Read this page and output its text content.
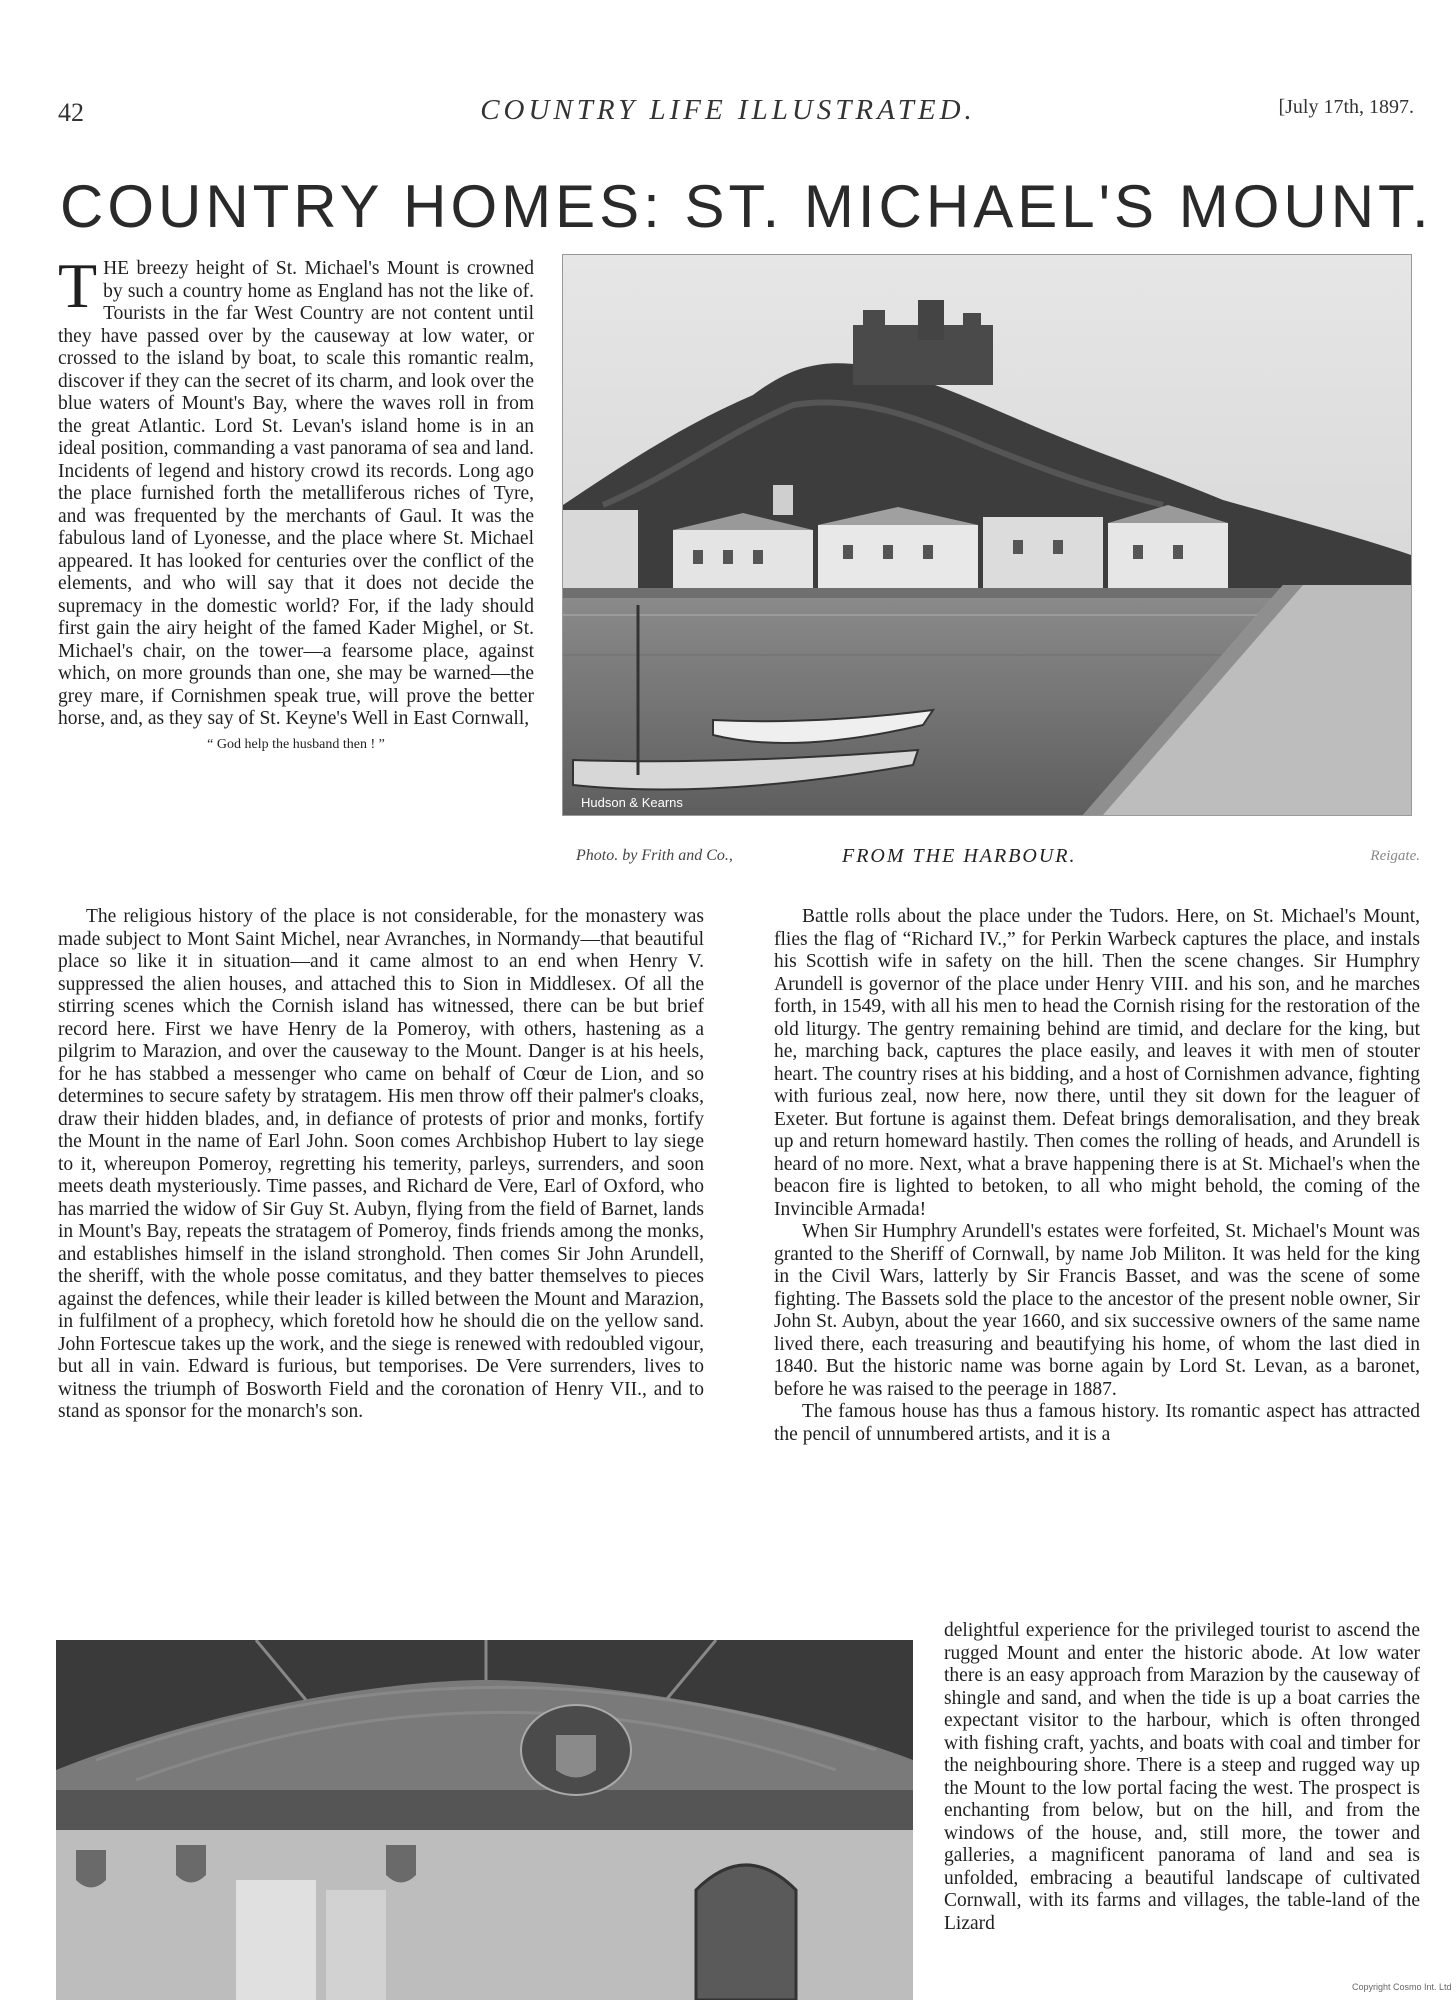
42	COUNTRY LIFE ILLUSTRATED.	[July 17th, 1897.
COUNTRY HOMES: ST. MICHAEL'S MOUNT.

THE breezy height of St. Michael's Mount is crowned by such a country home as England has not the like of. Tourists in the far West Country are not content until they have passed over by the causeway at low water, or crossed to the island by boat, to scale this romantic realm, discover if they can the secret of its charm, and look over the blue waters of Mount's Bay, where the waves roll in from the great Atlantic. Lord St. Levan's island home is in an ideal position, commanding a vast panorama of sea and land. Incidents of legend and history crowd its records. Long ago the place furnished forth the metalliferous riches of Tyre, and was frequented by the merchants of Gaul. It was the fabulous land of Lyonesse, and the place where St. Michael appeared. It has looked for centuries over the conflict of the elements, and who will say that it does not decide the supremacy in the domestic world? For, if the lady should first gain the airy height of the famed Kader Mighel, or St. Michael's chair, on the tower—a fearsome place, against which, on more grounds than one, she may be warned—the grey mare, if Cornishmen speak true, will prove the better horse, and, as they say of St. Keyne's Well in East Cornwall,

“ God help the husband then ! ”
Hudson & Kearns
Photo. by Frith and Co.,	FROM THE HARBOUR.	Reigate.

The religious history of the place is not considerable, for the monastery was made subject to Mont Saint Michel, near Avranches, in Normandy—that beautiful place so like it in situation—and it came almost to an end when Henry V. suppressed the alien houses, and attached this to Sion in Middlesex. Of all the stirring scenes which the Cornish island has witnessed, there can be but brief record here. First we have Henry de la Pomeroy, with others, hastening as a pilgrim to Marazion, and over the causeway to the Mount. Danger is at his heels, for he has stabbed a messenger who came on behalf of Cœur de Lion, and so determines to secure safety by stratagem. His men throw off their palmer's cloaks, draw their hidden blades, and, in defiance of protests of prior and monks, fortify the Mount in the name of Earl John. Soon comes Archbishop Hubert to lay siege to it, whereupon Pomeroy, regretting his temerity, parleys, surrenders, and soon meets death mysteriously. Time passes, and Richard de Vere, Earl of Oxford, who has married the widow of Sir Guy St. Aubyn, flying from the field of Barnet, lands in Mount's Bay, repeats the stratagem of Pomeroy, finds friends among the monks, and establishes himself in the island stronghold. Then comes Sir John Arundell, the sheriff, with the whole posse comitatus, and they batter themselves to pieces against the defences, while their leader is killed between the Mount and Marazion, in fulfilment of a prophecy, which foretold how he should die on the yellow sand. John Fortescue takes up the work, and the siege is renewed with redoubled vigour, but all in vain. Edward is furious, but temporises. De Vere surrenders, lives to witness the triumph of Bosworth Field and the coronation of Henry VII., and to stand as sponsor for the monarch's son.

Battle rolls about the place under the Tudors. Here, on St. Michael's Mount, flies the flag of “Richard IV.,” for Perkin Warbeck captures the place, and instals his Scottish wife in safety on the hill. Then the scene changes. Sir Humphry Arundell is governor of the place under Henry VIII. and his son, and he marches forth, in 1549, with all his men to head the Cornish rising for the restoration of the old liturgy. The gentry remaining behind are timid, and declare for the king, but he, marching back, captures the place easily, and leaves it with men of stouter heart. The country rises at his bidding, and a host of Cornishmen advance, fighting with furious zeal, now here, now there, until they sit down for the leaguer of Exeter. But fortune is against them. Defeat brings demoralisation, and they break up and return homeward hastily. Then comes the rolling of heads, and Arundell is heard of no more. Next, what a brave happening there is at St. Michael's when the beacon fire is lighted to betoken, to all who might behold, the coming of the Invincible Armada!

When Sir Humphry Arundell's estates were forfeited, St. Michael's Mount was granted to the Sheriff of Cornwall, by name Job Militon. It was held for the king in the Civil Wars, latterly by Sir Francis Basset, and was the scene of some fighting. The Bassets sold the place to the ancestor of the present noble owner, Sir John St. Aubyn, about the year 1660, and six successive owners of the same name lived there, each treasuring and beautifying his home, of whom the last died in 1840. But the historic name was borne again by Lord St. Levan, as a baronet, before he was raised to the peerage in 1887.

The famous house has thus a famous history. Its romantic aspect has attracted the pencil of unnumbered artists, and it is a

delightful experience for the privileged tourist to ascend the rugged Mount and enter the historic abode. At low water there is an easy approach from Marazion by the causeway of shingle and sand, and when the tide is up a boat carries the expectant visitor to the harbour, which is often thronged with fishing craft, yachts, and boats with coal and timber for the neighbouring shore. There is a steep and rugged way up the Mount to the low portal facing the west. The prospect is enchanting from below, but on the hill, and from the windows of the house, and, still more, the tower and galleries, a magnificent panorama of land and sea is unfolded, embracing a beautiful landscape of cultivated Cornwall, with its farms and villages, the table-land of the Lizard

Copyright Cosmo Int. Ltd
